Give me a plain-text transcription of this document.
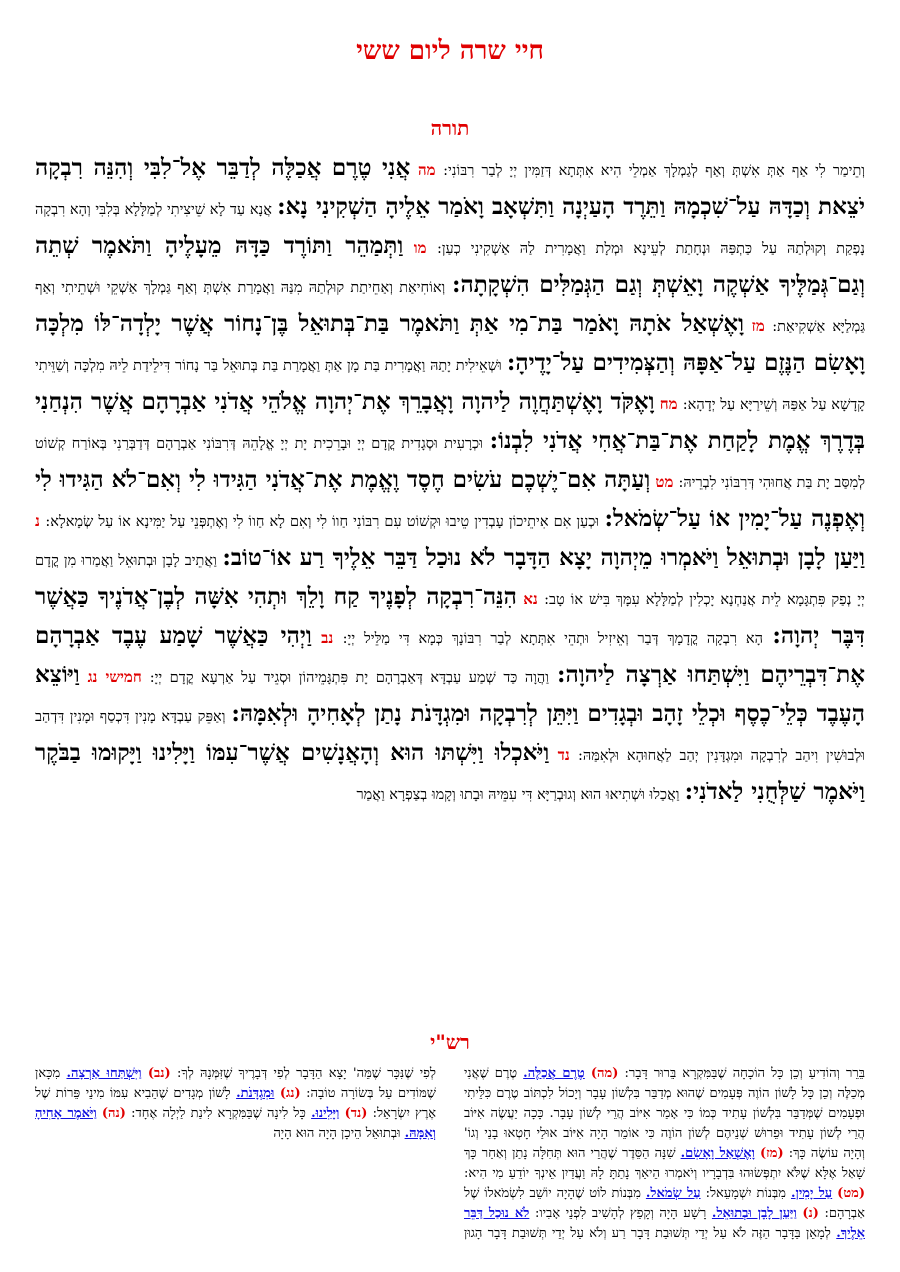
חיי שרה ליום ששי
תורה
וְתֵימַר לִי אַף אַתְּ אִשְׁתְּ וְאַף לְגַמְלָךְ אַמְלֵי הִיא אִתְּתָא דְּזַמִּין יְיָ לְבַר רִבּוֹנִי: מה אֲנִי טֶרֶם אֲכַלֶּה לְדַבֵּר אֶל־לִבִּי וְהִנֵּה רִבְקָה יֹצֵאת וְכַדָּהּ עַל־שִׁכְמָהּ וַתֵּרֶד הָעַיְנָה וַתִּשְׁאָב וָאֹמַר אֵלֶיהָ הַשְׁקִינִי נָא: אֲנָא עַד לָא שֵׁיצִיתִי לְמַלָּלָא בְּלִבִּי וְהָא רִבְקָה נָפְקַת וְקוּלְתַהּ עַל כַּתְפַּהּ וּנְחָתַת לְעֵינָא וּמְלָת וַאֲמָרִית לַהּ אַשְׁקִינִי כְעַן: מו וַתְּמַהֵר וַתּוֹרֶד כַּדָּהּ מֵעָלֶיהָ וַתֹּאמֶר שְׁתֵה וְגַם־גְּמַלֶּיךָ אַשְׁקֶה וָאֵשְׁתְּ וְגַם הַגְּמַלִּים הִשְׁקָתָה: וְאוֹחִיאַת וְאַחֵיתַת קוּלְתַהּ מִנַּהּ וַאֲמָרַת אִשְׁתְּ וְאַף גַּמְלָךְ אַשְׁקֵי וּשְׁתֵיתִי וְאַף גַּמְלַיָּא אַשְׁקִיאַת: מז וָאֶשְׁאַל אֹתָהּ וָאֹמַר בַּת־מִי אַתְּ וַתֹּאמֶר בַּת־בְּתוּאֵל בֶּן־נָחוֹר אֲשֶׁר יָלְדָה־לּוֹ מִלְכָּה וָאָשִׂם הַנֶּזֶם עַל־אַפָּהּ וְהַצְּמִידִים עַל־יָדֶיהָ: וּשְׁאֵילִית יָתַהּ וַאֲמָרִית בַּת מָן אַתְּ וַאֲמָרַת בַּת בְּתוּאֵל בַּר נָחוֹר דִּילֵידַת לֵיהּ מִלְכָּה וְשַׁוֵּיתִי קָדָשָׁא עַל אַפַּהּ וְשֵׁירַיָּא עַל יְדָהָא: מח וָאֶקֹּד וָאֶשְׁתַּחֲוֶה לַיהוָה וָאֲבָרֵךְ אֶת־יְהוָה אֱלֹהֵי אֲדֹנִי אַבְרָהָם אֲשֶׁר הִנְחַנִי בְּדֶרֶךְ אֱמֶת לָקַחַת אֶת־בַּת־אֲחִי אֲדֹנִי לִבְנוֹ: וּכְרָעִית וּסְגָדִית קֳדָם יְיָ וּבָרֵכִית יָת יְיָ אֱלָהֵהּ דְּרִבּוֹנִי אַבְרָהָם דְּדַבְּרַנִי בְּאוֹרַח קְשׁוֹט לְמִסַּב יָת בַּת אֲחוּהִי דְּרִבּוֹנִי לִבְרֵיהּ: מט וְעַתָּה אִם־יֶשְׁכֶם עֹשִׂים חֶסֶד וֶאֱמֶת אֶת־אֲדֹנִי הַגִּידוּ לִי וְאִם־לֹא הַגִּידוּ לִי וְאֶפְנֶה עַל־יָמִין אוֹ עַל־שְׂמֹאל: וּכְעַן אִם אִיתֵיכוֹן עָבְדִין טֵיבוּ וּקְשׁוֹט עִם רִבּוֹנִי חַווֹ לִי וְאִם לָא חַווֹ לִי וְאֶתְפְּנֵי עַל יַמִּינָא אוֹ עַל שְׂמָאלָא: נ וַיַּעַן לָבָן וּבְתוּאֵל וַיֹּאמְרוּ מֵיְהוָה יָצָא הַדָּבָר לֹא נוּכַל דַּבֵּר אֵלֶיךָ רַע אוֹ־טוֹב: וַאֲתֵיב לָבָן וּבְתוּאֵל וַאֲמַרוּ מִן קֳדָם יְיָ נְפַק פִּתְגָּמָא לֵית אֲנַחְנָא יָכְלִין לְמַלָּלָא עִמָּךְ בִּישׁ אוֹ טָב: נא הִנֵּה־רִבְקָה לְפָנֶיךָ קַח וָלֵךְ וּתְהִי אִשָּׁה לְבֶן־אֲדֹנֶיךָ כַּאֲשֶׁר דִּבֶּר יְהוָה: הָא רִבְקָה קֳדָמָךְ דְּבַר וְאֵיזִיל וּתְהֵי אִתְּתָא לְבַר רִבּוֹנָךְ כְּמָא דִּי מַלֵּיל יְיָ: נב וַיְהִי כַּאֲשֶׁר שָׁמַע עֶבֶד אַבְרָהָם אֶת־דִּבְרֵיהֶם וַיִּשְׁתַּחוּ אַרְצָה לַיהוָה: וַהֲוָה כַּד שְׁמַע עַבְדָּא דְּאַבְרָהָם יָת פִּתְגָּמֵיהוֹן וּסְגֵיד עַל אַרְעָא קֳדָם יְיָ: חמישי נג וַיּוֹצֵא הָעֶבֶד כְּלֵי־כֶסֶף וּכְלֵי זָהָב וּבְגָדִים וַיִּתֵּן לְרִבְקָה וּמִגְדָּנֹת נָתַן לְאָחִיהָ וּלְאִמָּהּ: וְאַפֵּק עַבְדָּא מָנִין דִּכְסַף וּמָנִין דִּדְהַב וּלְבוּשִׁין וִיהַב לְרִבְקָה וּמִגְדָּנִין יְהַב לַאֲחוּהָא וּלְאִמַּהּ: נד וַיֹּאכְלוּ וַיִּשְׁתּוּ הוּא וְהָאֲנָשִׁים אֲשֶׁר־עִמּוֹ וַיָּלִינוּ וַיָּקוּמוּ בַבֹּקֶר וַיֹּאמֶר שַׁלְּחֻנִי לַאדֹנִי: וַאֲכַלוּ וּשְׁתִיאוּ הוּא וְגוּבְרַיָּא דִּי עִמֵּיהּ וּבָתוּ וְקָמוּ בְצַפְרָא וַאֲמַר
רש"י
בֵּרֵר וְהוֹדִיעַ וְכֵן כָּל הוֹכָחָה שֶׁבַּמִּקְרָא בֵּרוּר דָּבָר: (מה) טֶרֶם אֲכַלֶּה. טֶרֶם שֶׁאֲנִי מְכַלֶּה וְכֵן כָּל לָשׁוֹן הוֹוֶה פְּעָמִים שֶׁהוּא מְדַבֵּר בִּלְשׁוֹן עָבָר וְיָכוֹל לִכְתּוֹב טֶרֶם כִּלֵּיתִי וּפְעָמִים שֶׁמְּדַבֵּר בִּלְשׁוֹן עָתִיד כְּמוֹ כִּי אָמַר אִיּוֹב הֲרֵי לְשׁוֹן עָבָר. כָּכָה יַעֲשֶׂה אִיּוֹב הֲרֵי לְשׁוֹן עָתִיד וּפֵרוּשׁ שְׁנֵיהֶם לְשׁוֹן הוֹוֶה כִּי אוֹמֵר הָיָה אִיּוֹב אוּלַי חָטְאוּ בָנַי וְגוֹ' וְהָיָה עוֹשֶׂה כָּךְ: (מז) וָאֶשְׁאַל וָאָשִׂם. שִׁנָּה הַסֵּדֶר שֶׁהֲרֵי הוּא תְּחִלָּה נָתַן וְאַחַר כָּךְ שָׁאַל אֶלָּא שֶׁלֹּא יִתְפְּשׂוּהוּ בִּדְבָרָיו וְיֹאמְרוּ הֵיאַךְ נָתַתָּ לָהּ וַעֲדַיִן אֵינְךָ יוֹדֵעַ מִי הִיא: (מט) עַל יָמִין. מִבְּנוֹת יִשְׁמָעֵאל: עַל שְׂמֹאל. מִבְּנוֹת לוֹט שֶׁהָיָה יוֹשֵׁב לִשְׂמֹאלוֹ שֶׁל אַבְרָהָם: (נ) וַיַּעַן לָבָן וּבְתוּאֵל. רָשָׁע הָיָה וְקָפַץ לְהָשִׁיב לִפְנֵי אָבִיו: לֹא נוּכַל דַּבֵּר אֵלֶיךָ. לְמָאֵן בַּדָּבָר הַזֶּה לֹא עַל יְדֵי תְּשׁוּבַת דָּבָר רַע וְלֹא עַל יְדֵי תְּשׁוּבַת דָּבָר הָגוּן לְפִי שֶׁנִּכָּר שֶׁמֵּה' יָצָא הַדָּבָר לְפִי דְּבָרֶיךָ שֶׁזִּמְּנָהּ לְךָ: (נב) וַיִּשְׁתַּחוּ אַרְצָה. מִכָּאן שֶׁמּוֹדִים עַל בְּשׂוֹרָה טוֹבָה: (נג) וּמִגְדָּנֹת. לָשׁוֹן מְגָדִים שֶׁהֵבִיא עִמּוֹ מִינֵי פֵּרוֹת שֶׁל אֶרֶץ יִשְׂרָאֵל: (נד) וַיָּלִינוּ. כָּל לִינָה שֶׁבַּמִּקְרָא לִינַת לַיְלָה אֶחָד: (נה) וַיֹּאמֶר אָחִיהָ וְאִמָּהּ. וּבְתוּאֵל הֵיכָן הָיָה הוּא הָיָה
